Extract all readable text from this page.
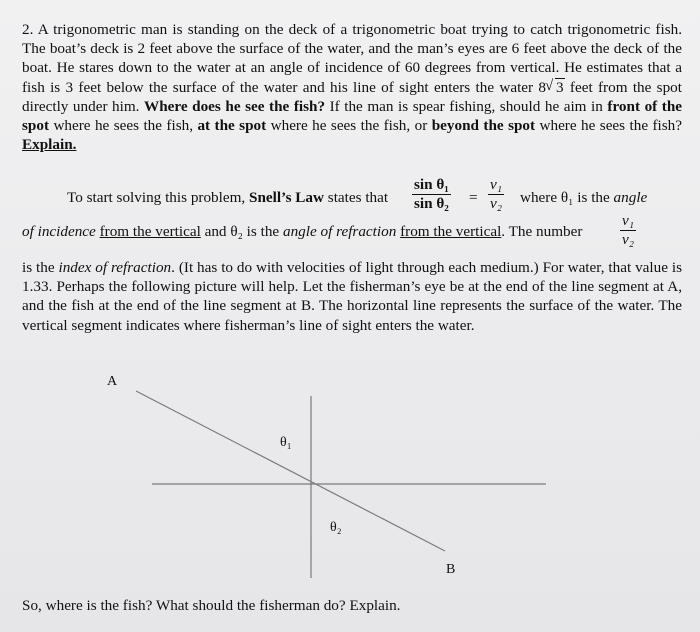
2. A trigonometric man is standing on the deck of a trigonometric boat trying to catch trigonometric fish. The boat’s deck is 2 feet above the surface of the water, and the man’s eyes are 6 feet above the deck of the boat. He stares down to the water at an angle of incidence of 60 degrees from vertical. He estimates that a fish is 3 feet below the surface of the water and his line of sight enters the water 8√ 3 feet from the spot directly under him. Where does he see the fish? If the man is spear fishing, should he aim in front of the spot where he sees the fish, at the spot where he sees the fish, or beyond the spot where he sees the fish? Explain.

To start solving this problem, Snell’s Law states that $\frac{\text{sin θ₁}}{\text{sin θ₂}} = \frac{\text{v₁}}{\text{v₂}}$ where θ₁ is the angle
of incidence from the vertical and θ₂ is the angle of refraction from the vertical. The number $\frac{\text{v₁}}{\text{v₂}}$

is the index of refraction. (It has to do with velocities of light through each medium.) For water, that value is 1.33. Perhaps the following picture will help. Let the fisherman’s eye be at the end of the line segment at A, and the fish at the end of the line segment at B. The horizontal line represents the surface of the water. The vertical segment indicates where fisherman’s line of sight enters the water.

A
B
θ₁
θ₂
So, where is the fish? What should the fisherman do? Explain.
